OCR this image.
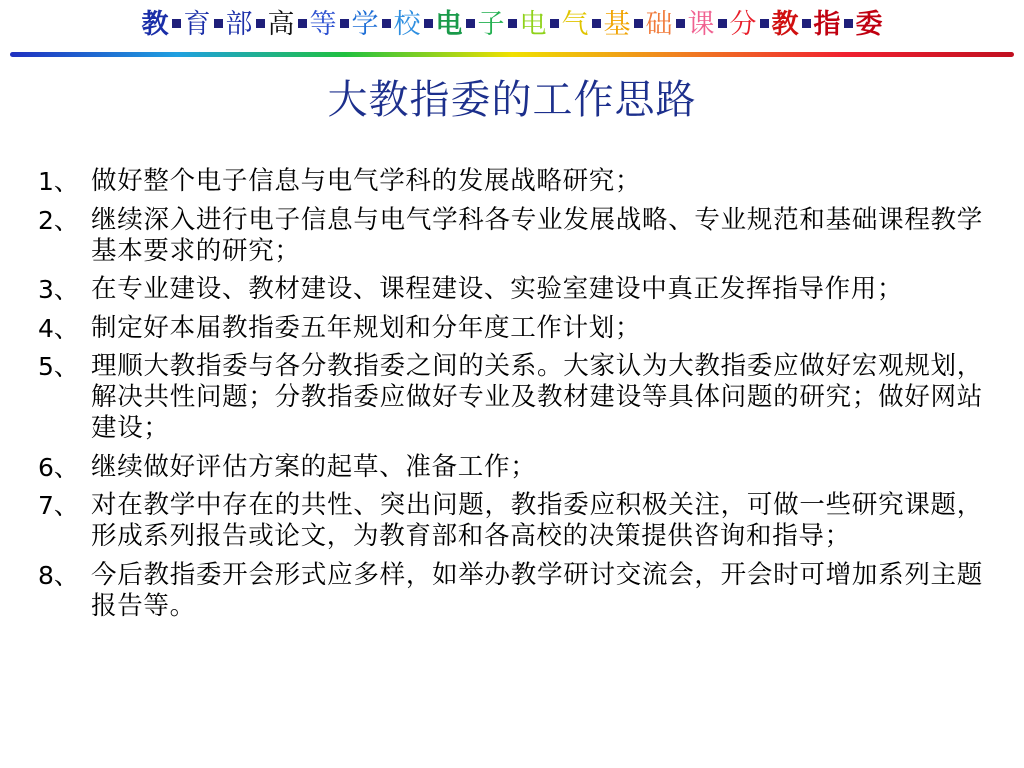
教 育 部 高 等 学 校 电 子 电 气 基 础 课 分 教 指 委
大教指委的工作思路
1、 做好整个电子信息与电气学科的发展战略研究；
2、 继续深入进行电子信息与电气学科各专业发展战略、专业规范和基础课程教学基本要求的研究；
3、 在专业建设、教材建设、课程建设、实验室建设中真正发挥指导作用；
4、 制定好本届教指委五年规划和分年度工作计划；
5、 理顺大教指委与各分教指委之间的关系。大家认为大教指委应做好宏观规划，解决共性问题；分教指委应做好专业及教材建设等具体问题的研究；做好网站建设；
6、 继续做好评估方案的起草、准备工作；
7、 对在教学中存在的共性、突出问题，教指委应积极关注，可做一些研究课题，形成系列报告或论文，为教育部和各高校的决策提供咨询和指导；
8、 今后教指委开会形式应多样，如举办教学研讨交流会，开会时可增加系列主题报告等。
